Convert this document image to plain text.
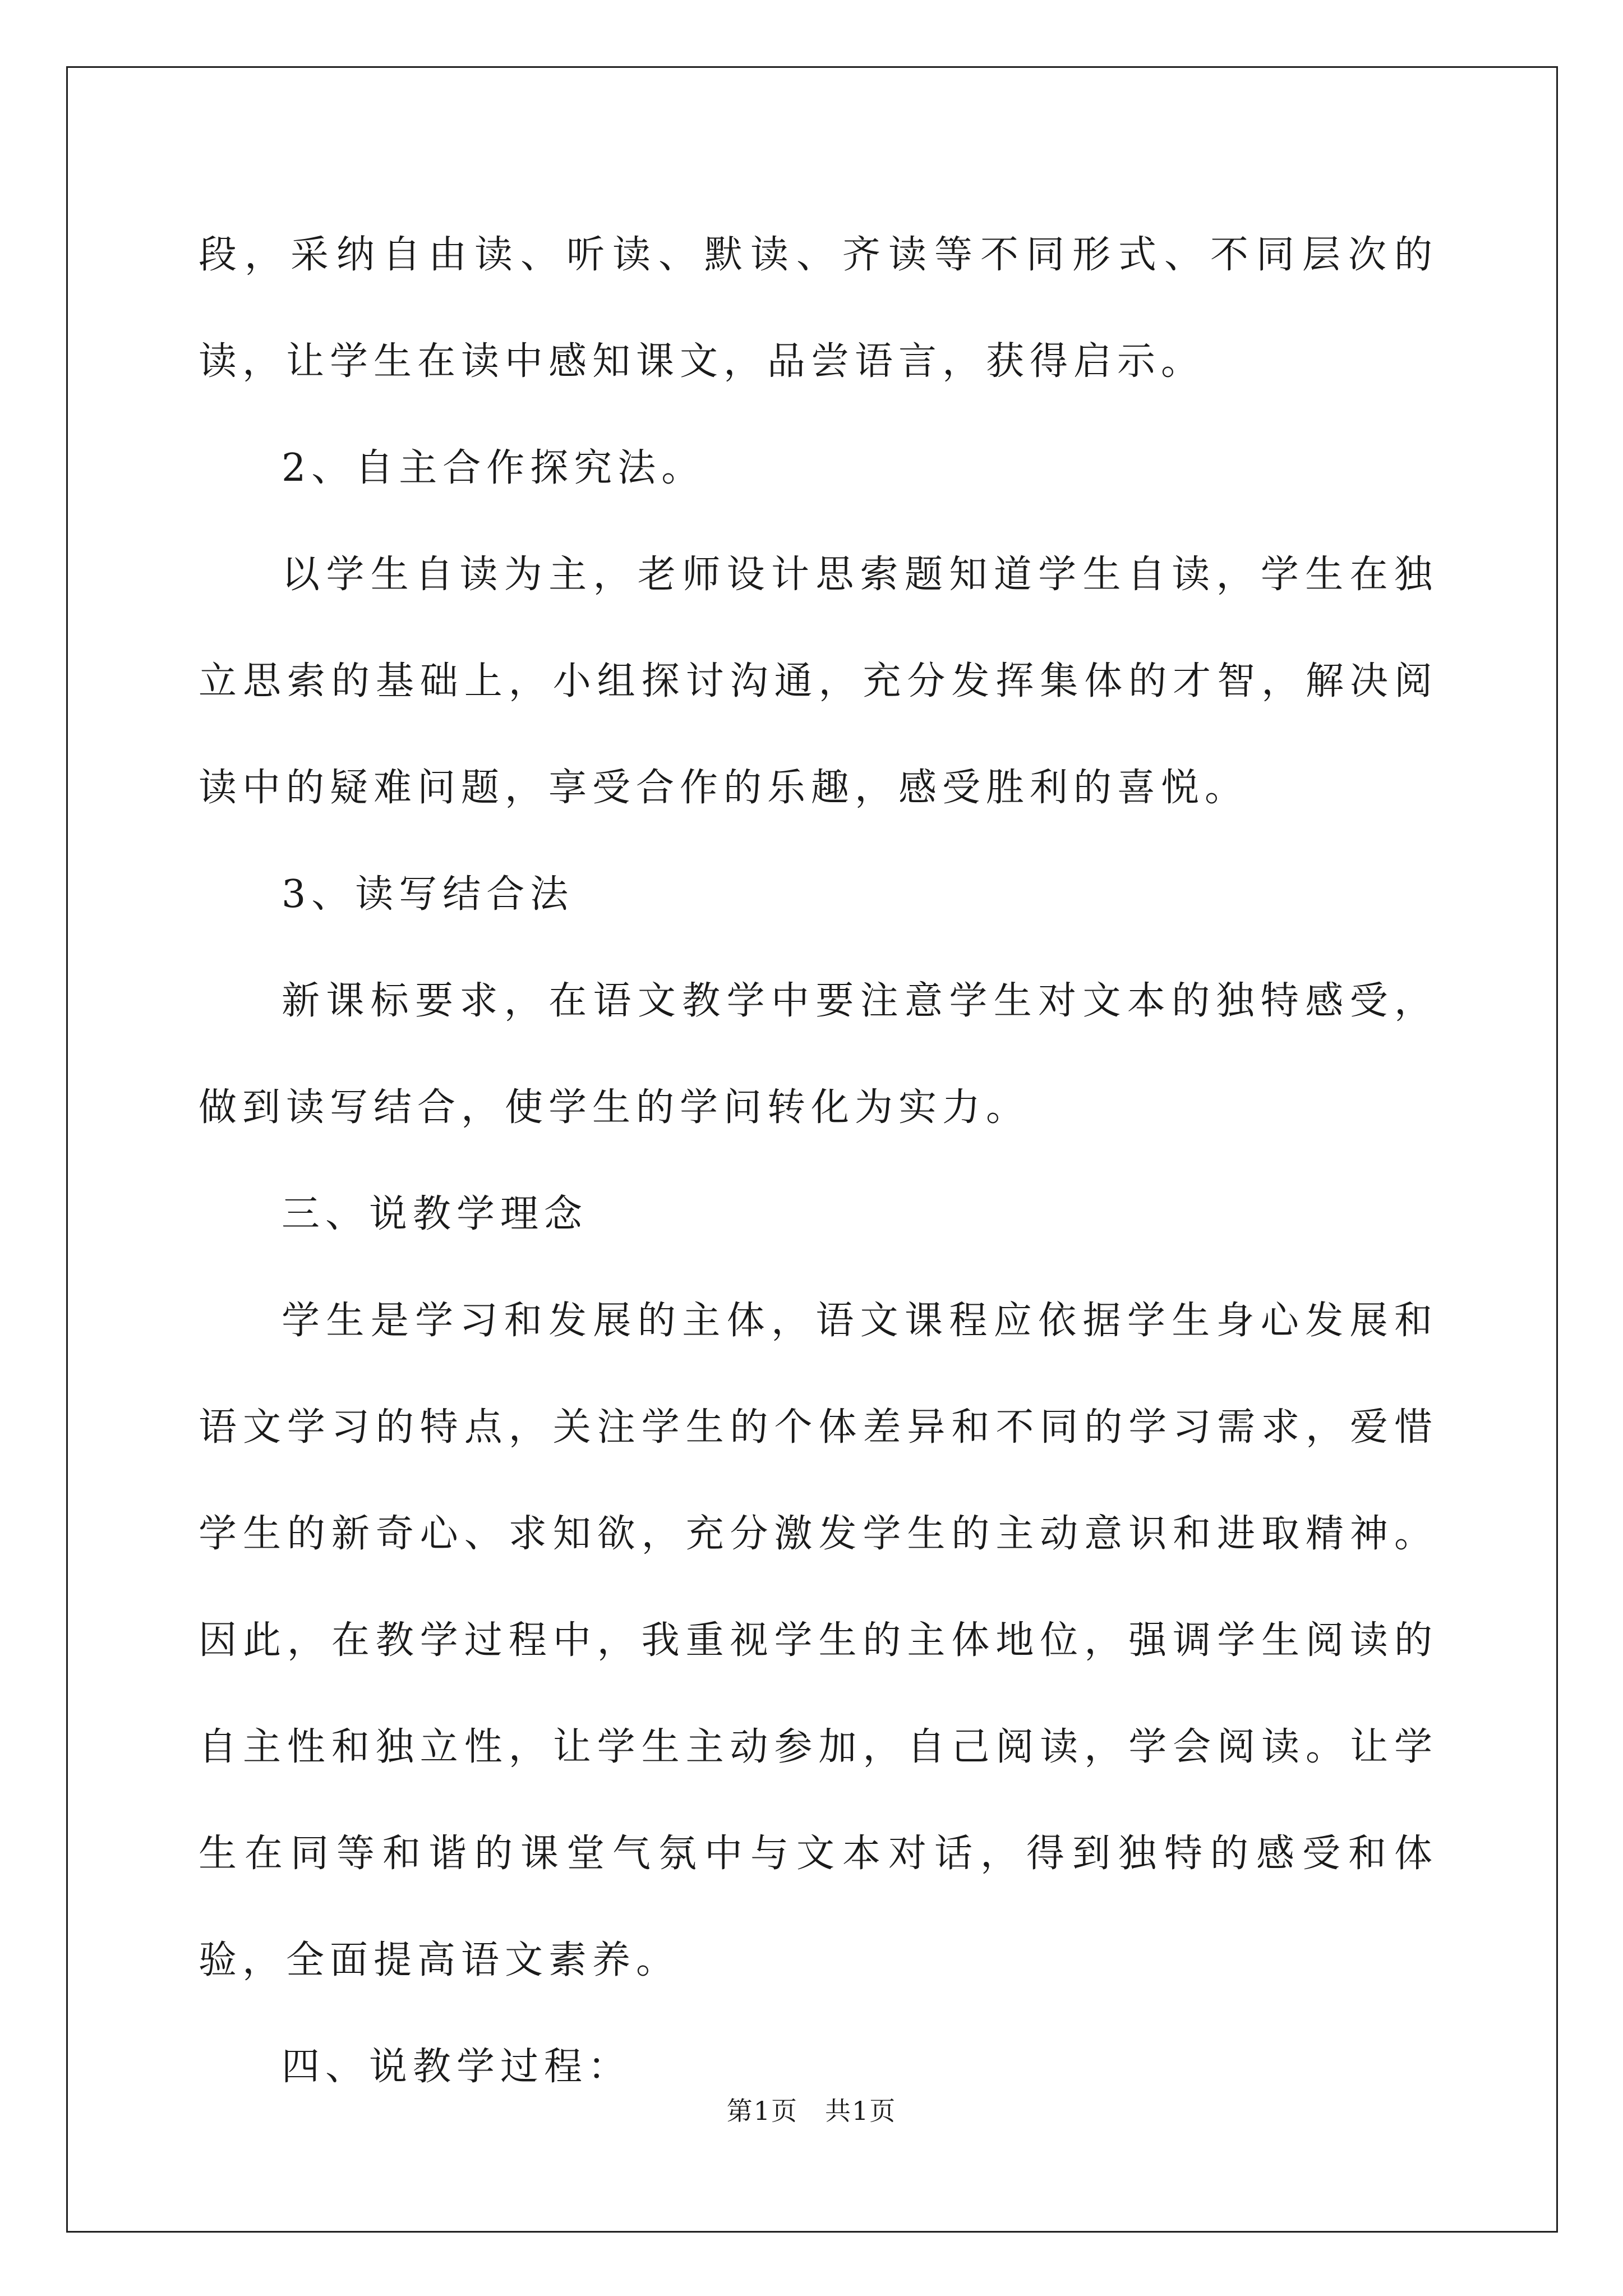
段，采纳自由读、听读、默读、齐读等不同形式、不同层次的读，让学生在读中感知课文，品尝语言，获得启示。

2、自主合作探究法。

以学生自读为主，老师设计思索题知道学生自读，学生在独立思索的基础上，小组探讨沟通，充分发挥集体的才智，解决阅读中的疑难问题，享受合作的乐趣，感受胜利的喜悦。

3、读写结合法

新课标要求，在语文教学中要注意学生对文本的独特感受，做到读写结合，使学生的学问转化为实力。

三、说教学理念

学生是学习和发展的主体，语文课程应依据学生身心发展和语文学习的特点，关注学生的个体差异和不同的学习需求，爱惜学生的新奇心、求知欲，充分激发学生的主动意识和进取精神。因此，在教学过程中，我重视学生的主体地位，强调学生阅读的自主性和独立性，让学生主动参加，自己阅读，学会阅读。让学生在同等和谐的课堂气氛中与文本对话，得到独特的感受和体验，全面提高语文素养。

四、说教学过程：

第1页　共1页
